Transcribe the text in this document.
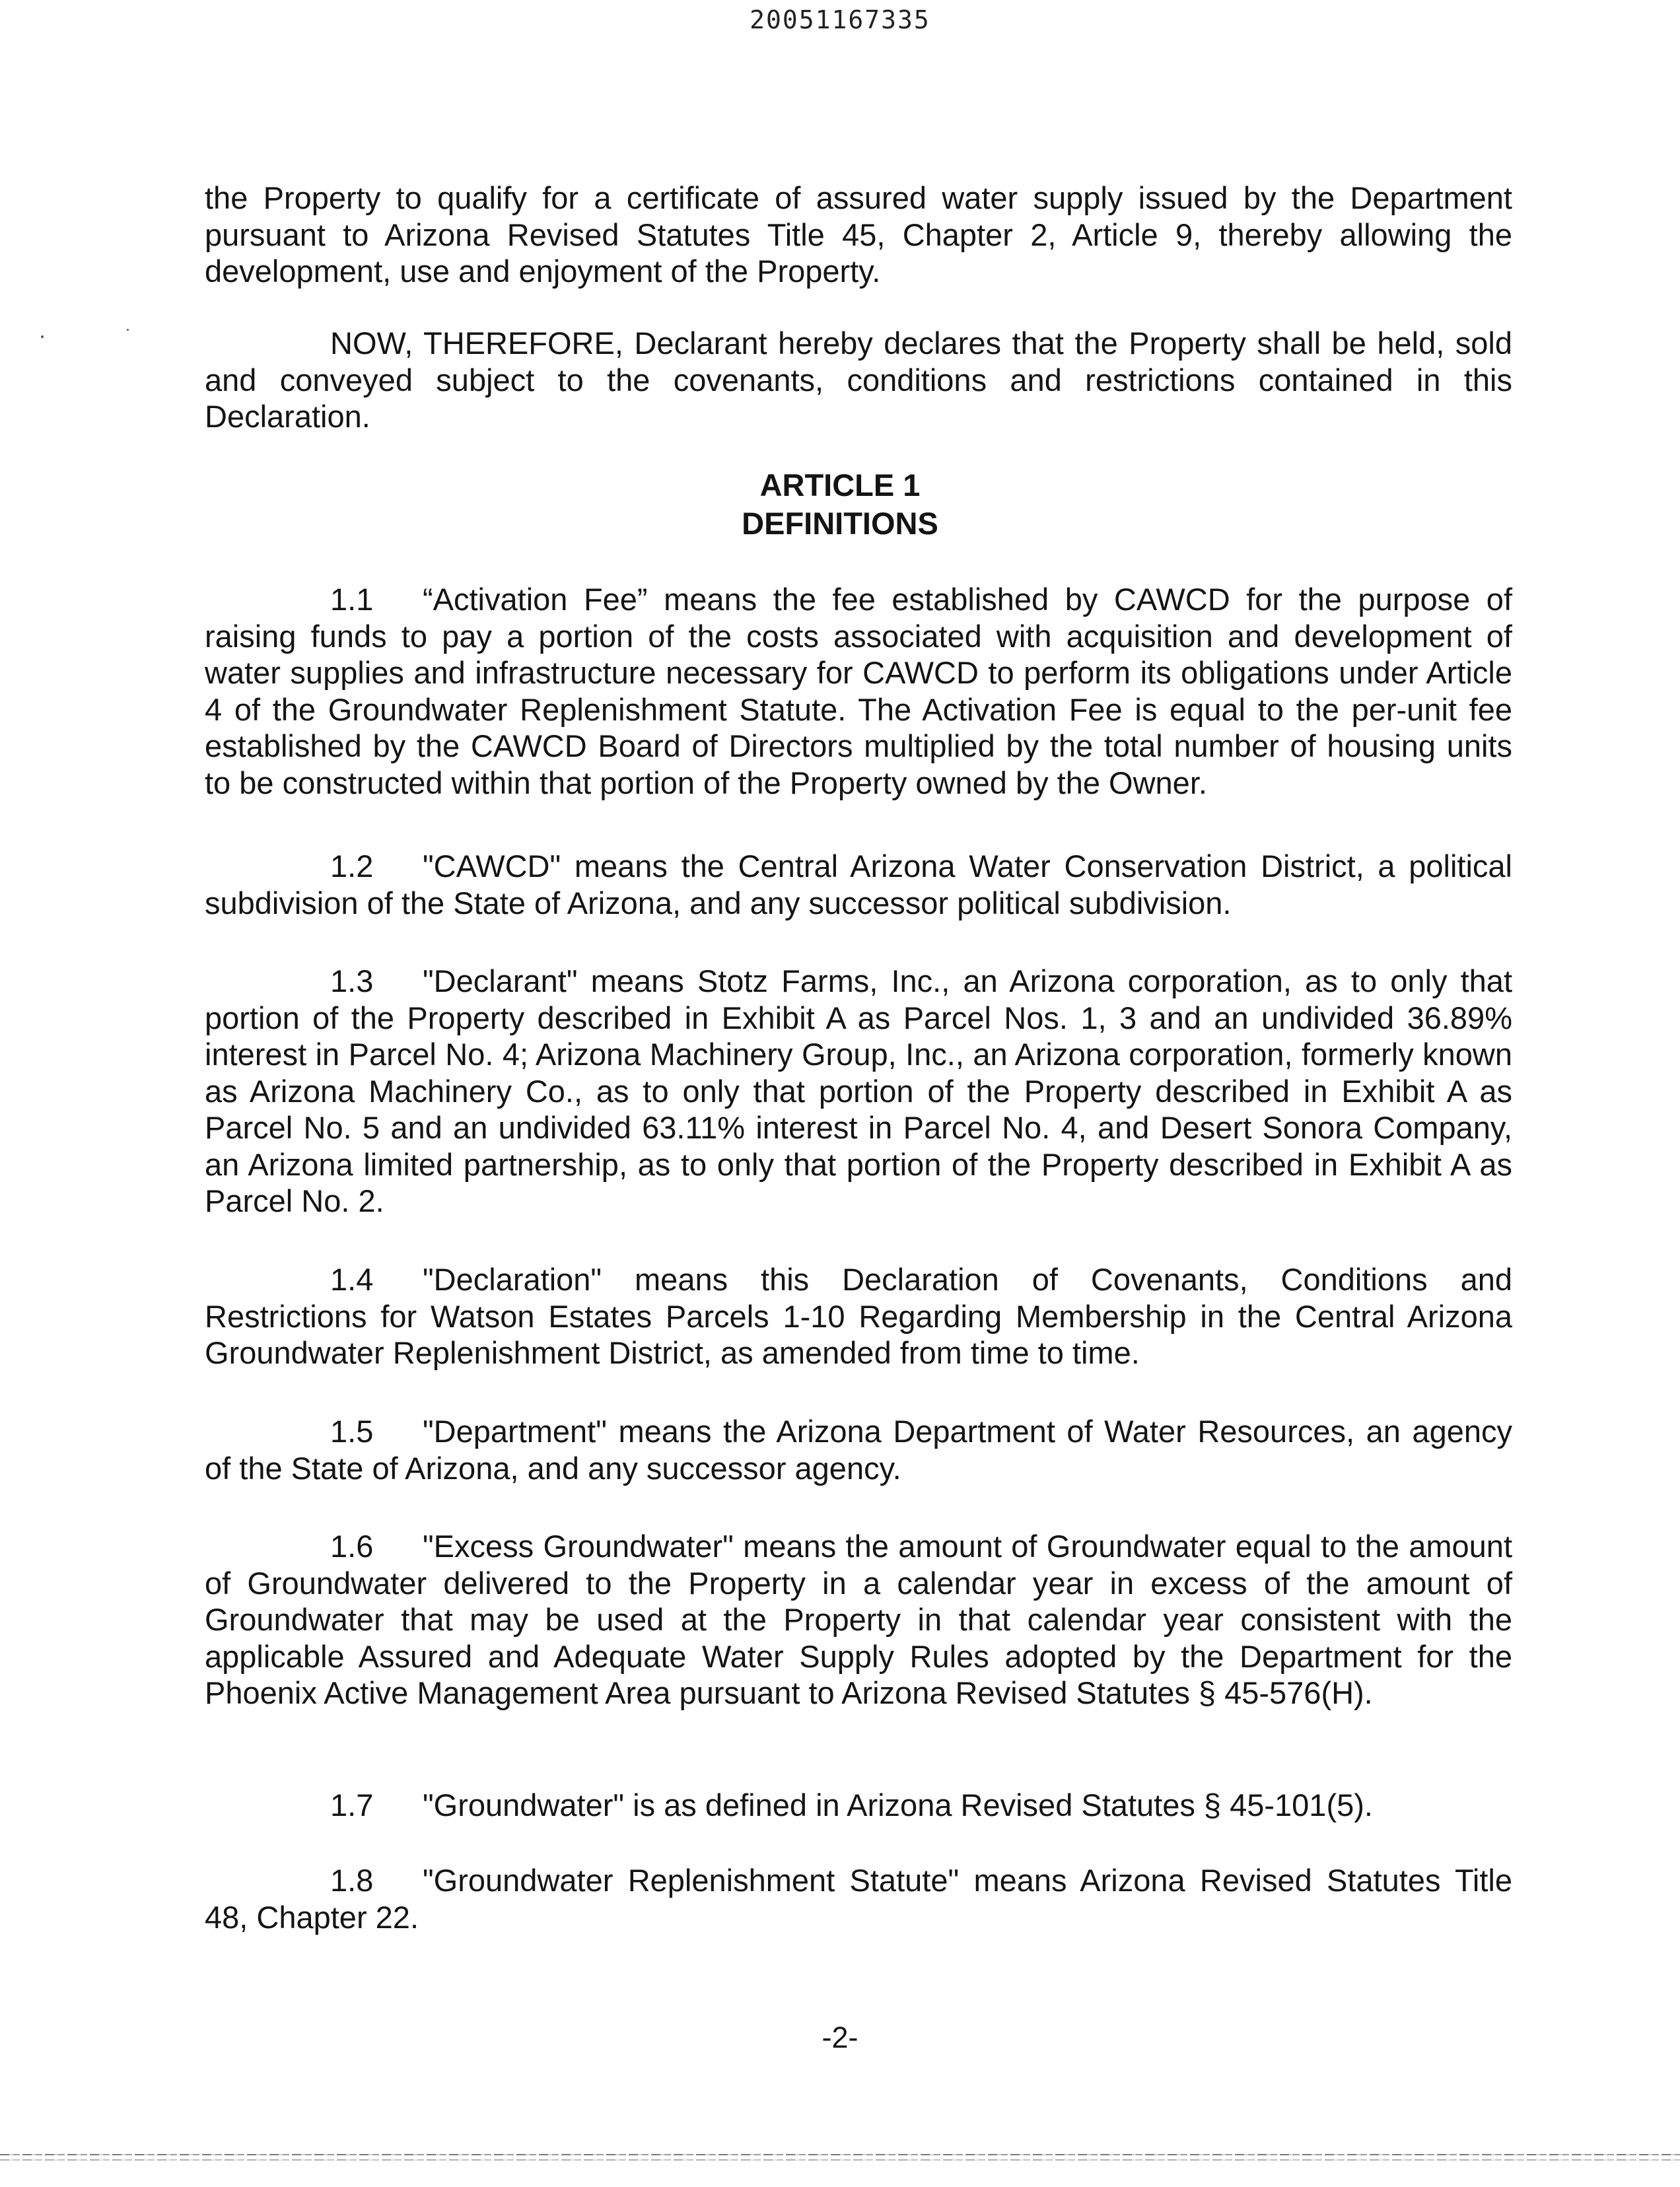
20051167335

the Property to qualify for a certificate of assured water supply issued by the Department pursuant to Arizona Revised Statutes Title 45, Chapter 2, Article 9, thereby allowing the development, use and enjoyment of the Property.

NOW, THEREFORE, Declarant hereby declares that the Property shall be held, sold and conveyed subject to the covenants, conditions and restrictions contained in this Declaration.

ARTICLE 1
DEFINITIONS

1.1 “Activation Fee” means the fee established by CAWCD for the purpose of raising funds to pay a portion of the costs associated with acquisition and development of water supplies and infrastructure necessary for CAWCD to perform its obligations under Article 4 of the Groundwater Replenishment Statute. The Activation Fee is equal to the per-unit fee established by the CAWCD Board of Directors multiplied by the total number of housing units to be constructed within that portion of the Property owned by the Owner.

1.2 "CAWCD" means the Central Arizona Water Conservation District, a political subdivision of the State of Arizona, and any successor political subdivision.

1.3 "Declarant" means Stotz Farms, Inc., an Arizona corporation, as to only that portion of the Property described in Exhibit A as Parcel Nos. 1, 3 and an undivided 36.89% interest in Parcel No. 4; Arizona Machinery Group, Inc., an Arizona corporation, formerly known as Arizona Machinery Co., as to only that portion of the Property described in Exhibit A as Parcel No. 5 and an undivided 63.11% interest in Parcel No. 4, and Desert Sonora Company, an Arizona limited partnership, as to only that portion of the Property described in Exhibit A as Parcel No. 2.

1.4 "Declaration" means this Declaration of Covenants, Conditions and Restrictions for Watson Estates Parcels 1-10 Regarding Membership in the Central Arizona Groundwater Replenishment District, as amended from time to time.

1.5 "Department" means the Arizona Department of Water Resources, an agency of the State of Arizona, and any successor agency.

1.6 "Excess Groundwater" means the amount of Groundwater equal to the amount of Groundwater delivered to the Property in a calendar year in excess of the amount of Groundwater that may be used at the Property in that calendar year consistent with the applicable Assured and Adequate Water Supply Rules adopted by the Department for the Phoenix Active Management Area pursuant to Arizona Revised Statutes § 45-576(H).

1.7 "Groundwater" is as defined in Arizona Revised Statutes § 45-101(5).

1.8 "Groundwater Replenishment Statute" means Arizona Revised Statutes Title 48, Chapter 22.

-2-
